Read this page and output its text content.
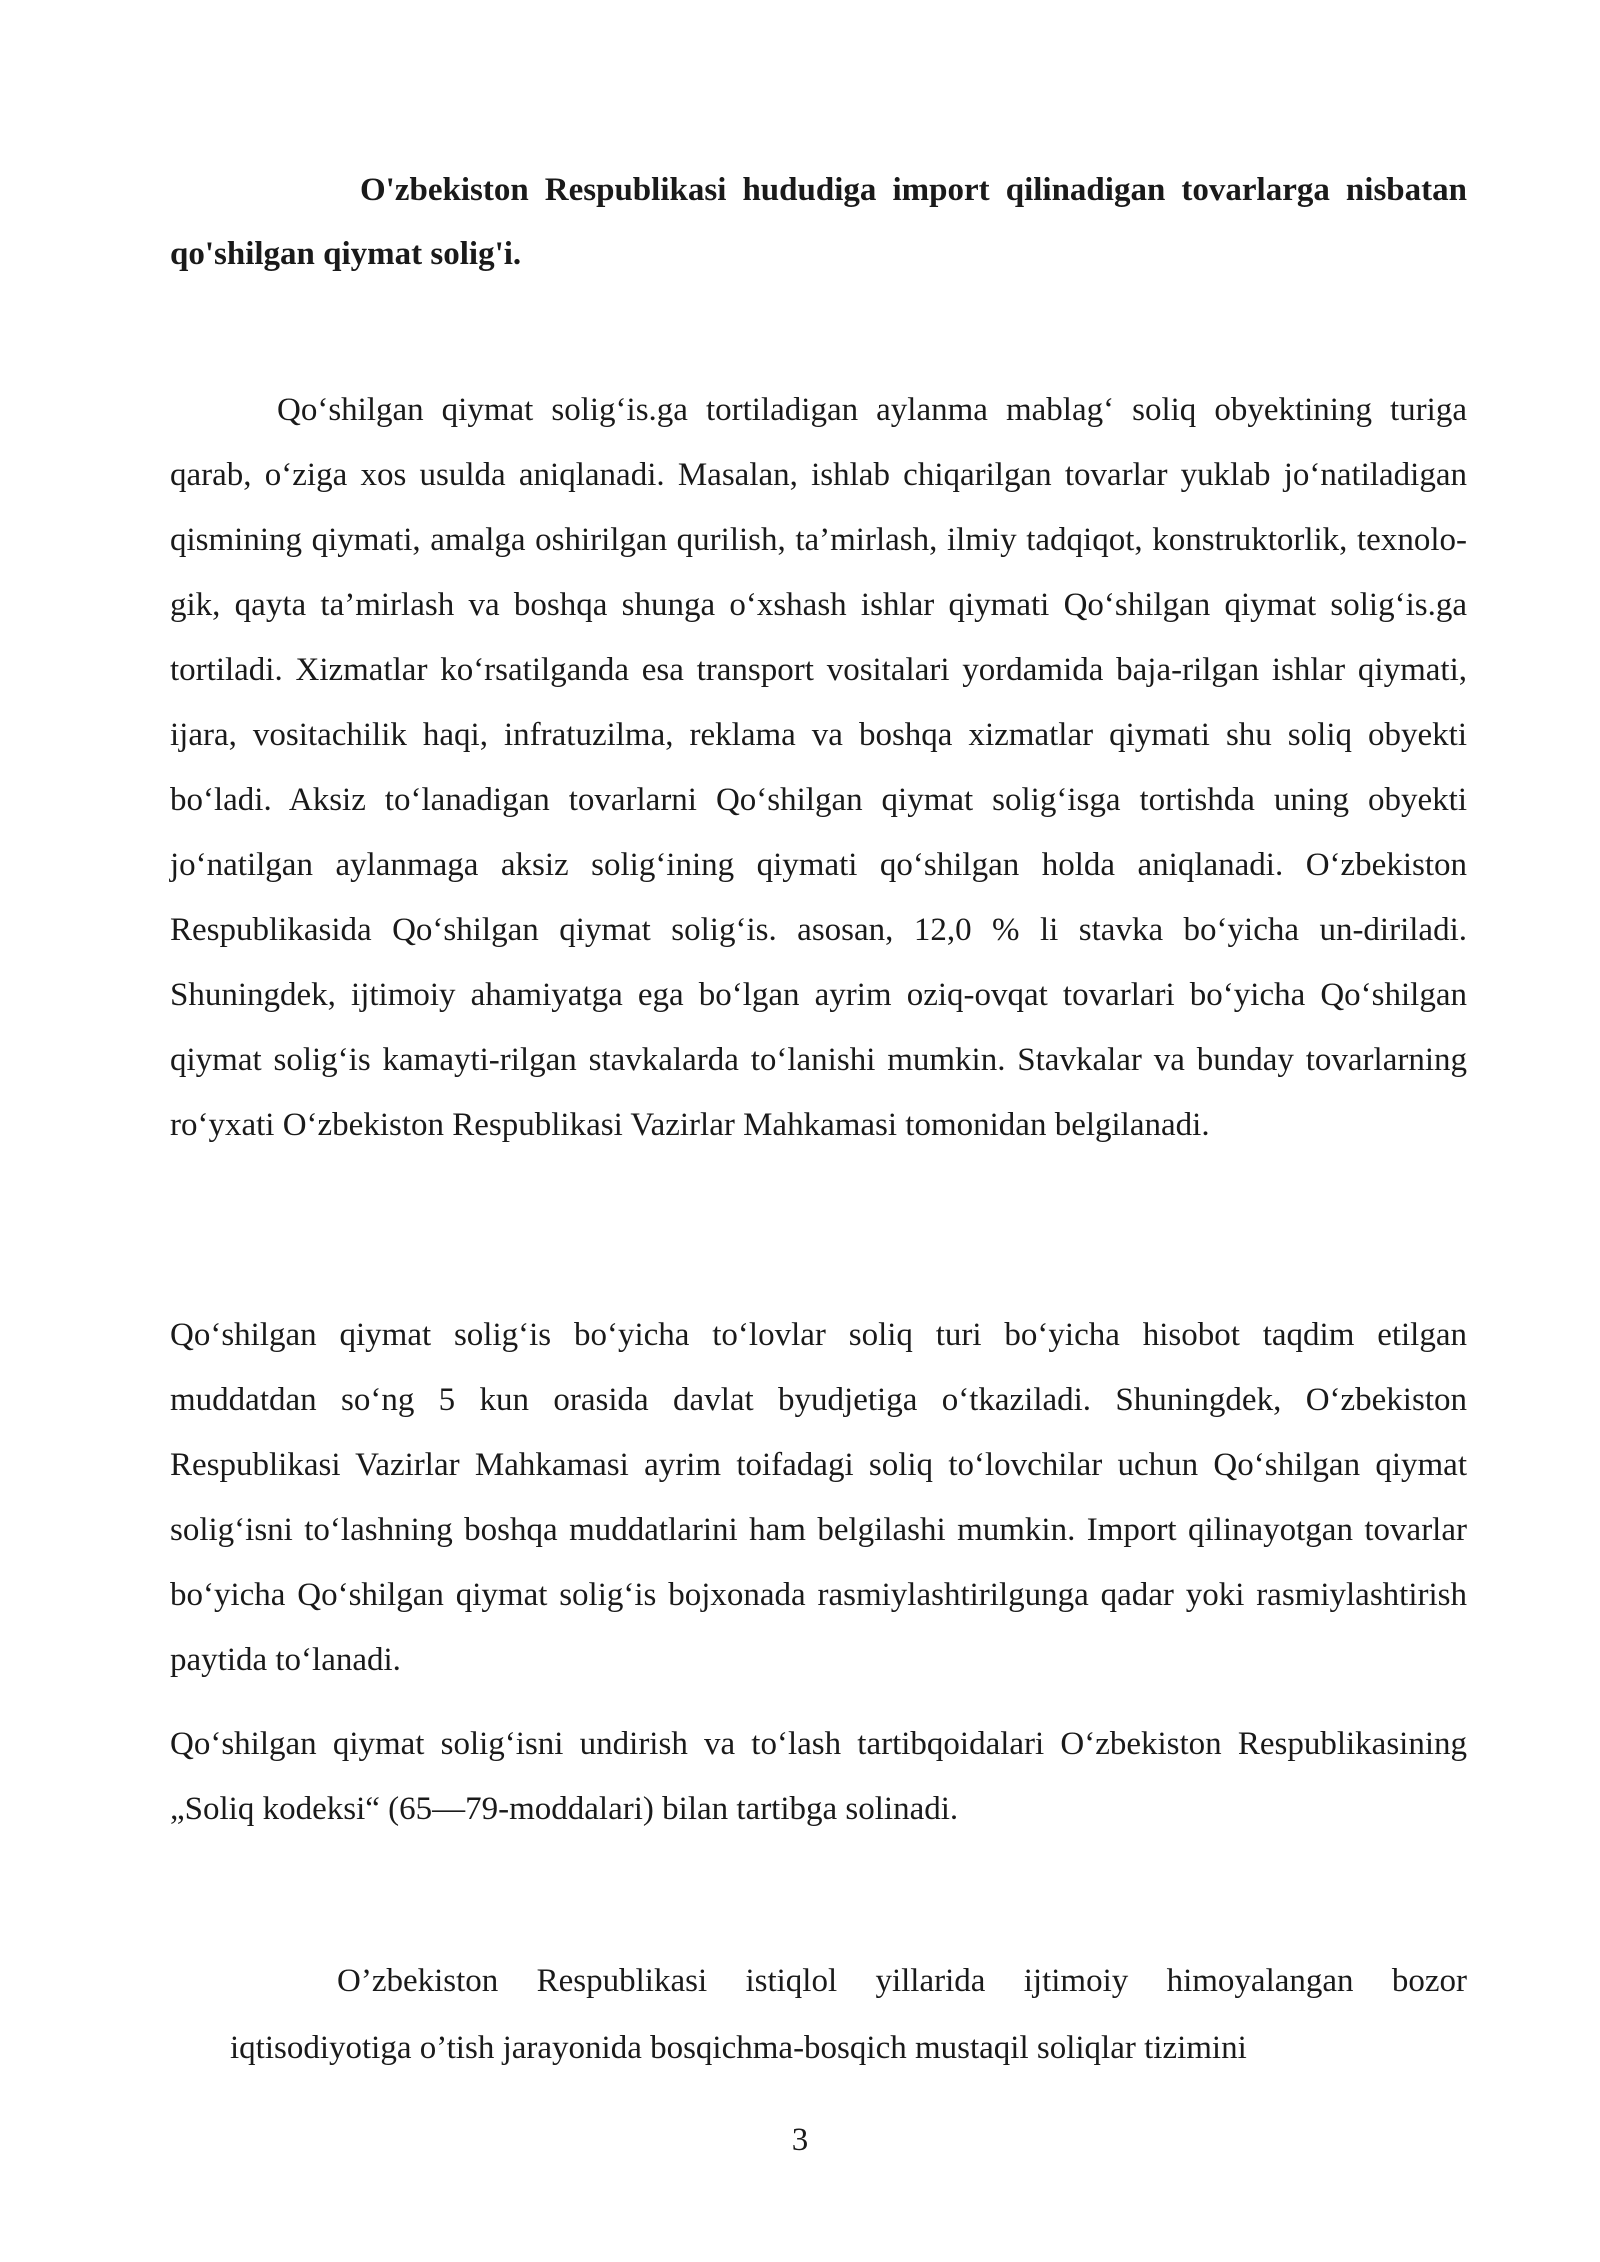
O'zbekiston Respublikasi hududiga import qilinadigan tovarlarga nisbatan qo'shilgan qiymat solig'i.

Qo‘shilgan qiymat solig‘is.ga tortiladigan aylanma mablag‘ soliq obyektining turiga qarab, o‘ziga xos usulda aniqlanadi. Masalan, ishlab chiqarilgan tovarlar yuklab jo‘natiladigan qismining qiymati, amalga oshirilgan qurilish, ta’mirlash, ilmiy tadqiqot, konstruktorlik, texnolo-gik, qayta ta’mirlash va boshqa shunga o‘xshash ishlar qiymati Qo‘shilgan qiymat solig‘is.ga tortiladi. Xizmatlar ko‘rsatilganda esa transport vositalari yordamida baja-rilgan ishlar qiymati, ijara, vositachilik haqi, infratuzilma, reklama va boshqa xizmatlar qiymati shu soliq obyekti bo‘ladi. Aksiz to‘lanadigan tovarlarni Qo‘shilgan qiymat solig‘isga tortishda uning obyekti jo‘natilgan aylanmaga aksiz solig‘ining qiymati qo‘shilgan holda aniqlanadi. O‘zbekiston Respublikasida Qo‘shilgan qiymat solig‘is. asosan, 12,0 % li stavka bo‘yicha un-diriladi. Shuningdek, ijtimoiy ahamiyatga ega bo‘lgan ayrim oziq-ovqat tovarlari bo‘yicha Qo‘shilgan qiymat solig‘is kamayti-rilgan stavkalarda to‘lanishi mumkin. Stavkalar va bunday tovarlarning ro‘yxati O‘zbekiston Respublikasi Vazirlar Mahkamasi tomonidan belgilanadi.

Qo‘shilgan qiymat solig‘is bo‘yicha to‘lovlar soliq turi bo‘yicha hisobot taqdim etilgan muddatdan so‘ng 5 kun orasida davlat byudjetiga o‘tkaziladi. Shuningdek, O‘zbekiston Respublikasi Vazirlar Mahkamasi ayrim toifadagi soliq to‘lovchilar uchun Qo‘shilgan qiymat solig‘isni to‘lashning boshqa muddatlarini ham belgilashi mumkin. Import qilinayotgan tovarlar bo‘yicha Qo‘shilgan qiymat solig‘is bojxonada rasmiylashtirilgunga qadar yoki rasmiylashtirish paytida to‘lanadi.

Qo‘shilgan qiymat solig‘isni undirish va to‘lash tartibqoidalari O‘zbekiston Respublikasining „Soliq kodeksi“ (65—79-moddalari) bilan tartibga solinadi.

O’zbekiston Respublikasi istiqlol yillarida ijtimoiy himoyalangan bozor iqtisodiyotiga o’tish jarayonida bosqichma-bosqich mustaqil soliqlar tizimini

3
